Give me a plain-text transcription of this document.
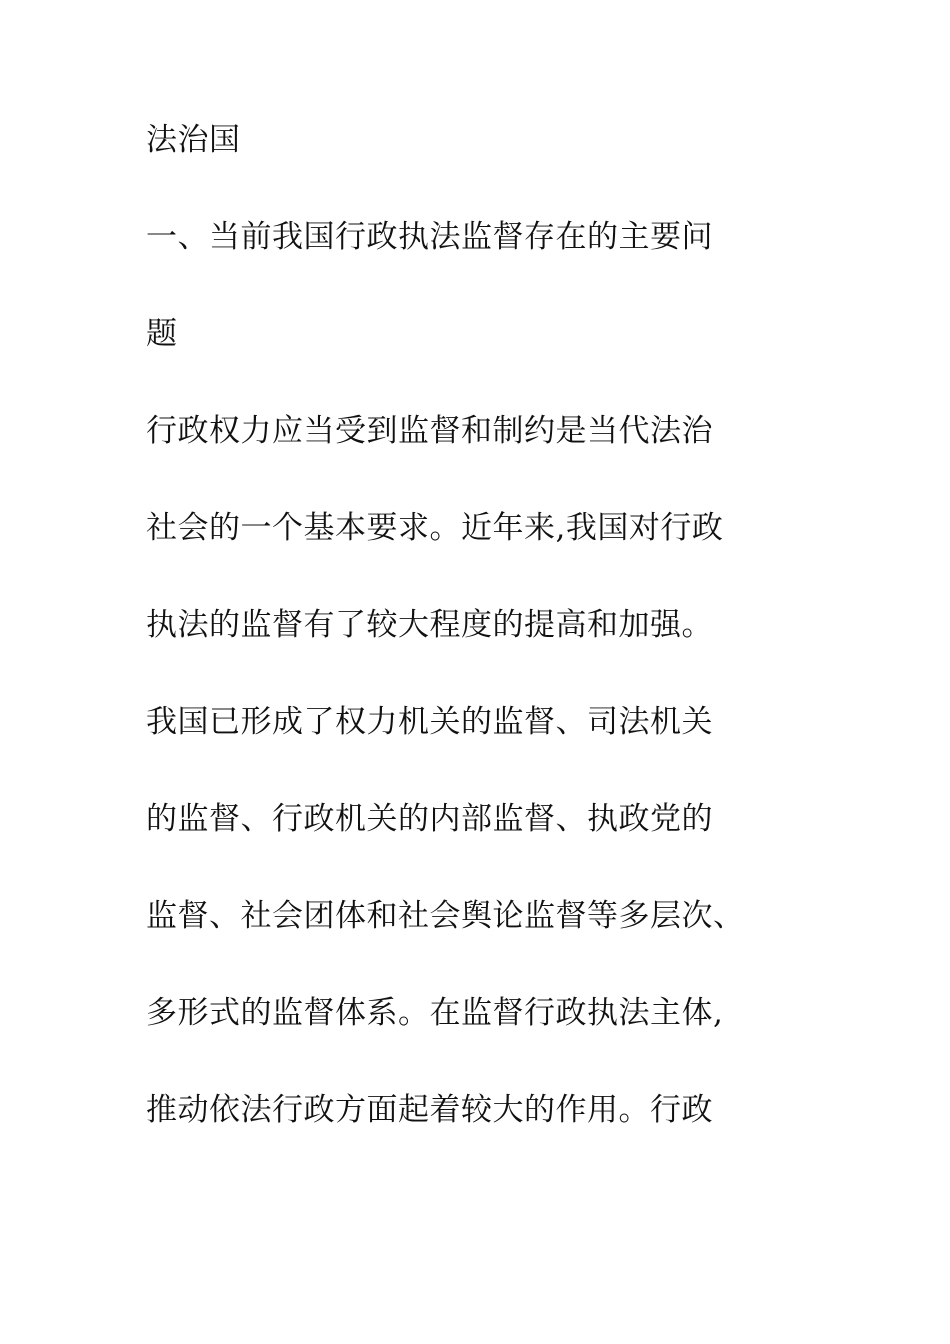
法治国
一、当前我国行政执法监督存在的主要问
题
行政权力应当受到监督和制约是当代法治
社会的一个基本要求。近年来,我国对行政
执法的监督有了较大程度的提高和加强。
我国已形成了权力机关的监督、司法机关
的监督、行政机关的内部监督、执政党的
监督、社会团体和社会舆论监督等多层次、
多形式的监督体系。在监督行政执法主体,
推动依法行政方面起着较大的作用。行政
